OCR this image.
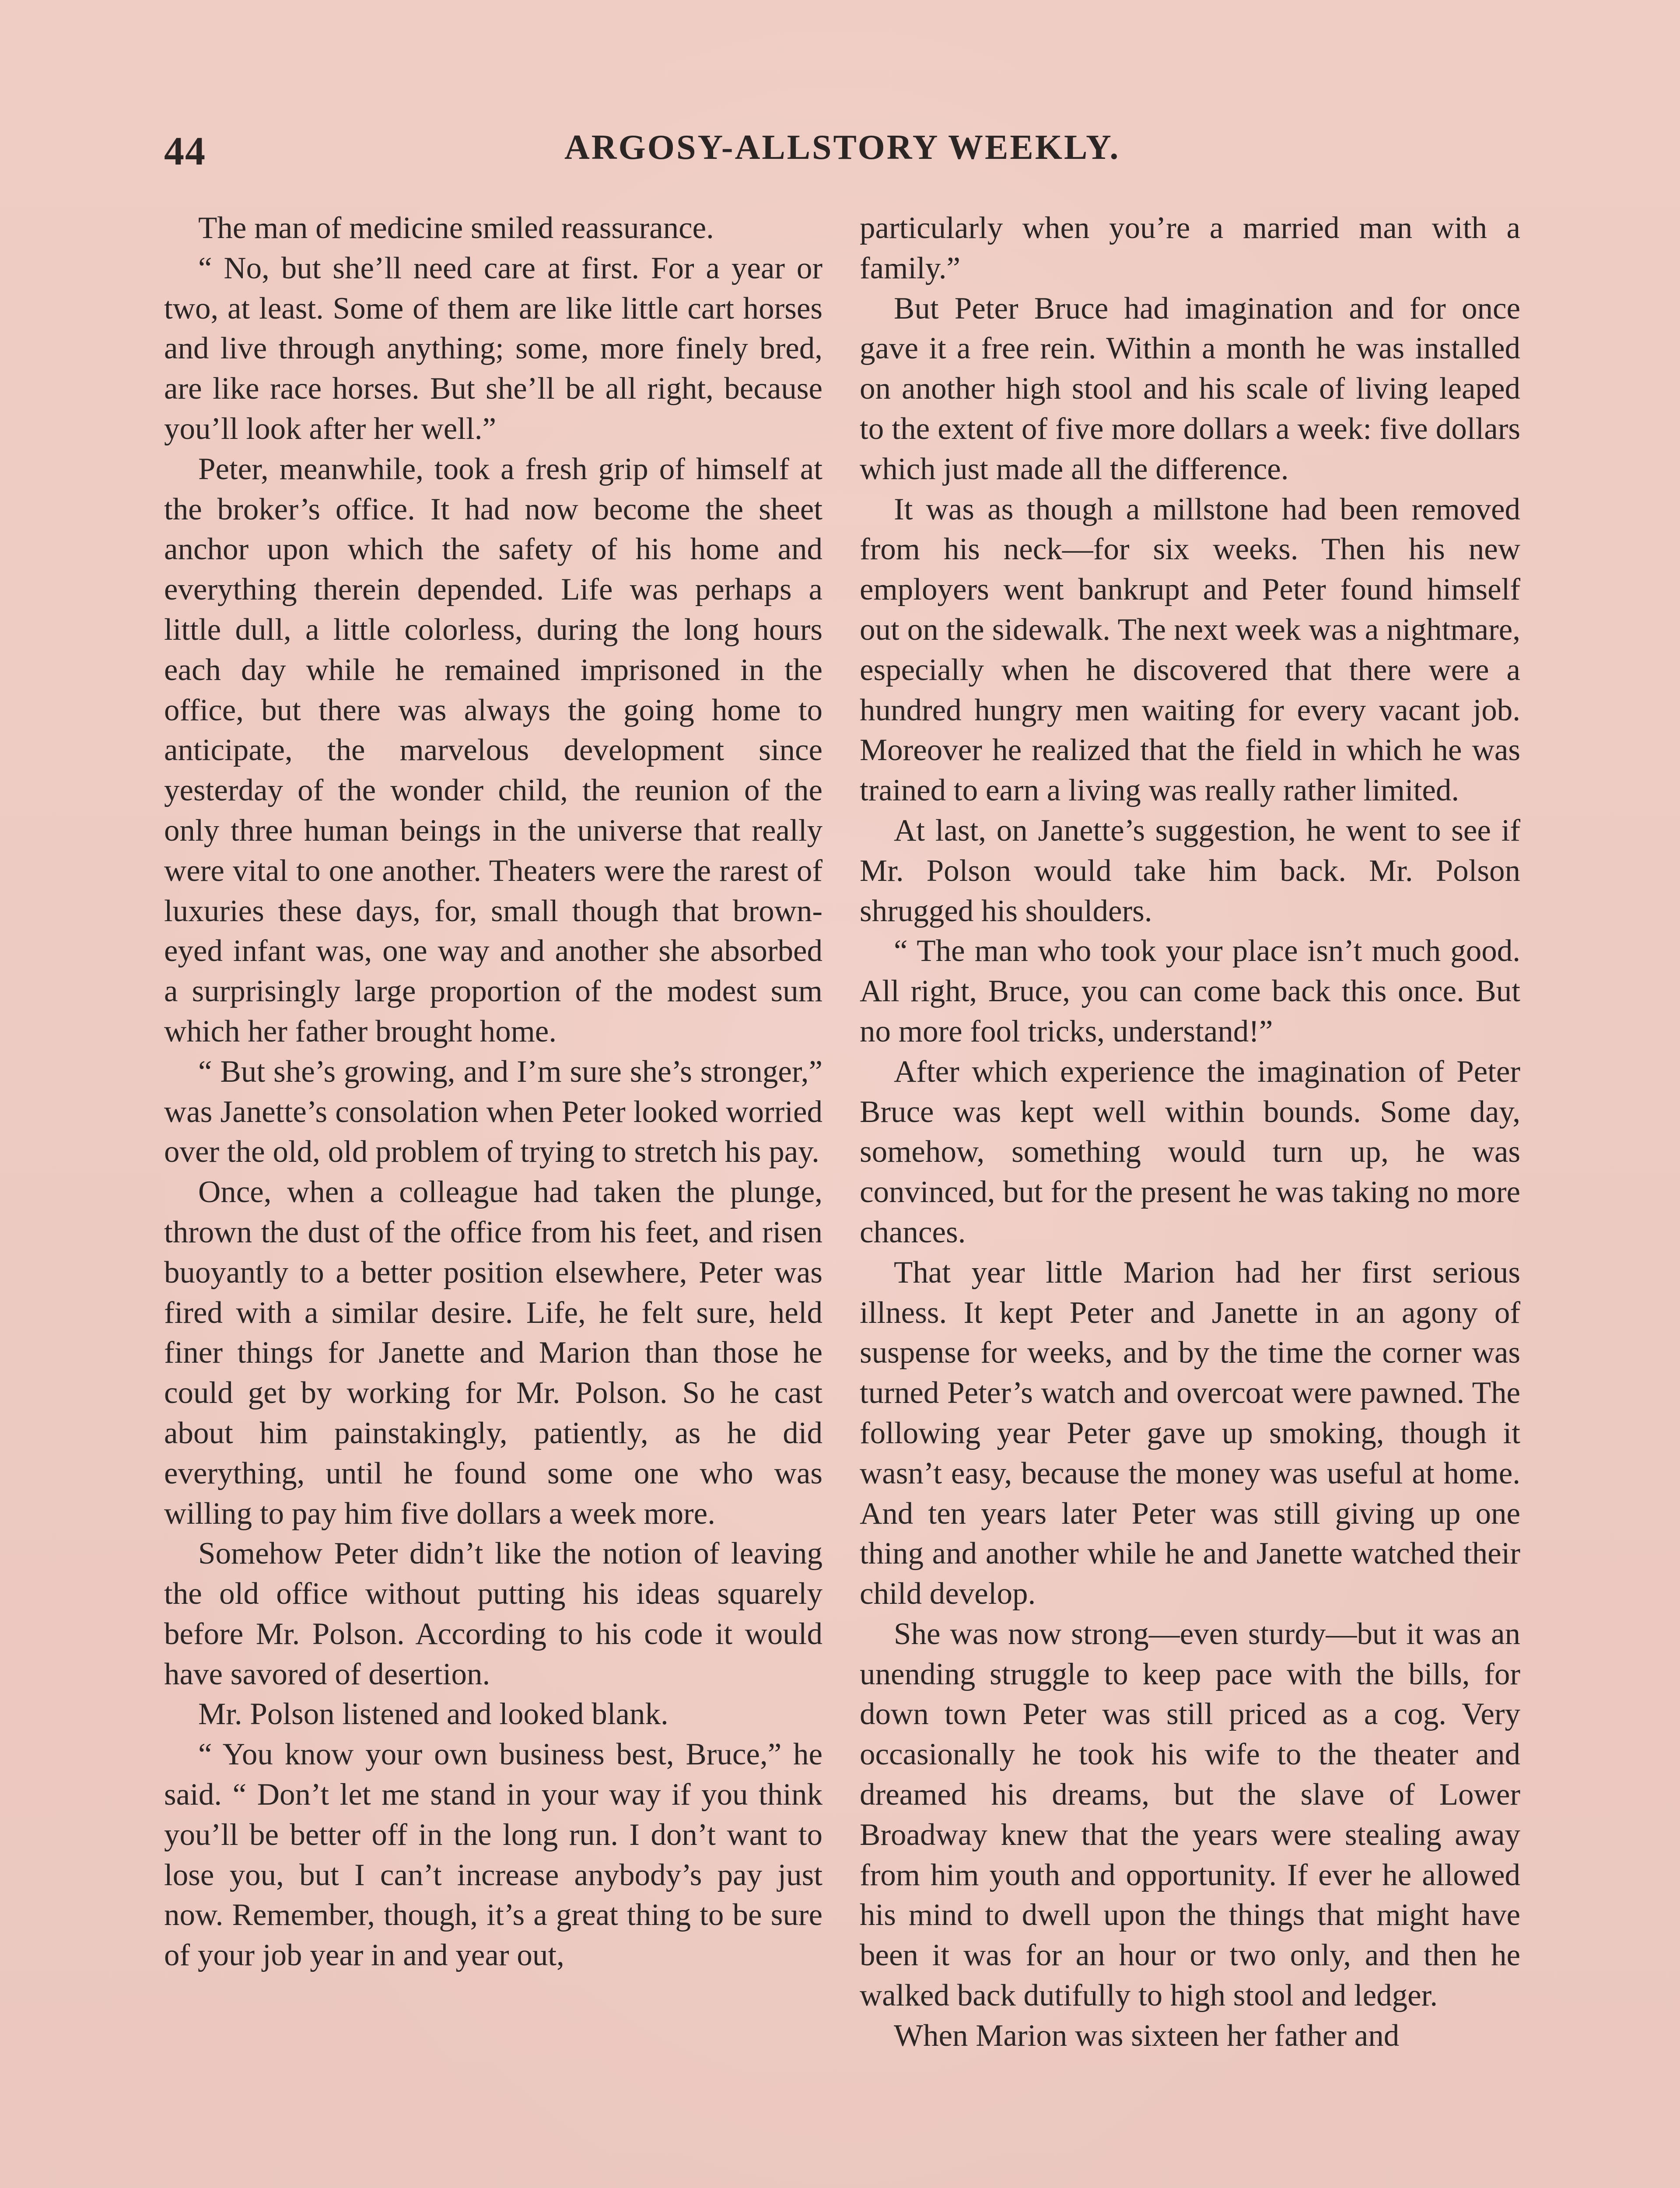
44	ARGOSY-ALLSTORY WEEKLY.

The man of medicine smiled reassurance.

“ No, but she’ll need care at first. For a year or two, at least. Some of them are like little cart horses and live through anything; some, more finely bred, are like race horses. But she’ll be all right, because you’ll look after her well.”

Peter, meanwhile, took a fresh grip of himself at the broker’s office. It had now become the sheet anchor upon which the safety of his home and everything therein depended. Life was perhaps a little dull, a little colorless, during the long hours each day while he remained imprisoned in the office, but there was always the going home to anticipate, the marvelous development since yesterday of the wonder child, the reunion of the only three human beings in the universe that really were vital to one another. Theaters were the rarest of luxuries these days, for, small though that brown-eyed infant was, one way and another she absorbed a surprisingly large proportion of the modest sum which her father brought home.

“ But she’s growing, and I’m sure she’s stronger,” was Janette’s consolation when Peter looked worried over the old, old problem of trying to stretch his pay.

Once, when a colleague had taken the plunge, thrown the dust of the office from his feet, and risen buoyantly to a better position elsewhere, Peter was fired with a similar desire. Life, he felt sure, held finer things for Janette and Marion than those he could get by working for Mr. Polson. So he cast about him painstakingly, patiently, as he did everything, until he found some one who was willing to pay him five dollars a week more.

Somehow Peter didn’t like the notion of leaving the old office without putting his ideas squarely before Mr. Polson. According to his code it would have savored of desertion.

Mr. Polson listened and looked blank.

“ You know your own business best, Bruce,” he said. “ Don’t let me stand in your way if you think you’ll be better off in the long run. I don’t want to lose you, but I can’t increase anybody’s pay just now. Remember, though, it’s a great thing to be sure of your job year in and year out,

particularly when you’re a married man with a family.”

But Peter Bruce had imagination and for once gave it a free rein. Within a month he was installed on another high stool and his scale of living leaped to the extent of five more dollars a week: five dollars which just made all the difference.

It was as though a millstone had been removed from his neck—for six weeks. Then his new employers went bankrupt and Peter found himself out on the sidewalk. The next week was a nightmare, especially when he discovered that there were a hundred hungry men waiting for every vacant job. Moreover he realized that the field in which he was trained to earn a living was really rather limited.

At last, on Janette’s suggestion, he went to see if Mr. Polson would take him back. Mr. Polson shrugged his shoulders.

“ The man who took your place isn’t much good. All right, Bruce, you can come back this once. But no more fool tricks, understand!”

After which experience the imagination of Peter Bruce was kept well within bounds. Some day, somehow, something would turn up, he was convinced, but for the present he was taking no more chances.

That year little Marion had her first serious illness. It kept Peter and Janette in an agony of suspense for weeks, and by the time the corner was turned Peter’s watch and overcoat were pawned. The following year Peter gave up smoking, though it wasn’t easy, because the money was useful at home. And ten years later Peter was still giving up one thing and another while he and Janette watched their child develop.

She was now strong—even sturdy—but it was an unending struggle to keep pace with the bills, for down town Peter was still priced as a cog. Very occasionally he took his wife to the theater and dreamed his dreams, but the slave of Lower Broadway knew that the years were stealing away from him youth and opportunity. If ever he allowed his mind to dwell upon the things that might have been it was for an hour or two only, and then he walked back dutifully to high stool and ledger.

When Marion was sixteen her father and
